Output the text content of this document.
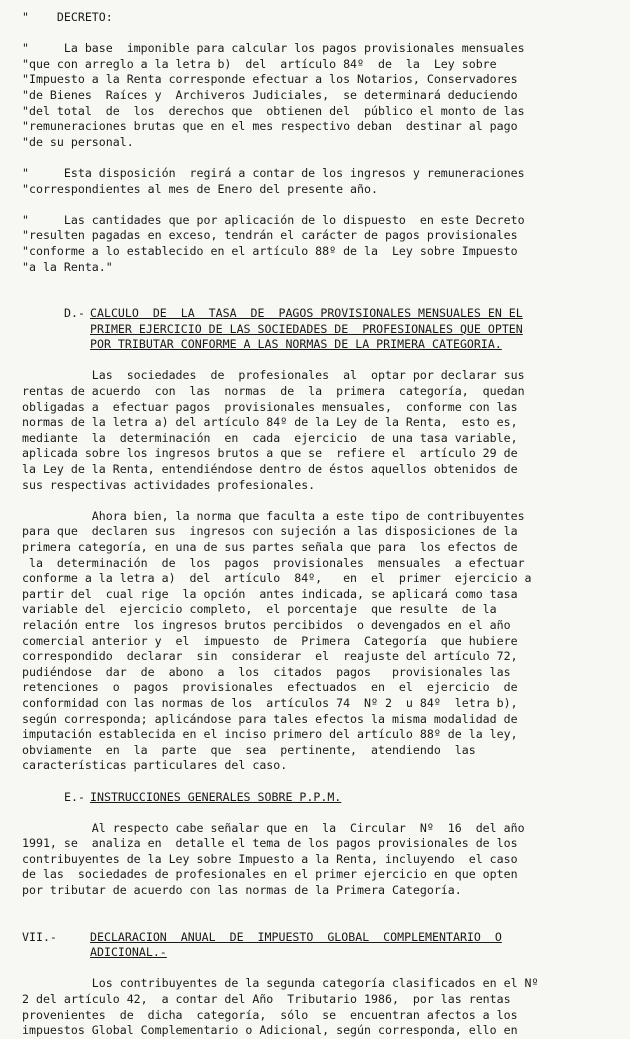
"    DECRETO:
"     La base  imponible para calcular los pagos provisionales mensuales
"que con arreglo a la letra b)  del  artículo 84º  de  la  Ley sobre
"Impuesto a la Renta corresponde efectuar a los Notarios, Conservadores
"de Bienes  Raíces y  Archiveros Judiciales,  se determinará deduciendo
"del total  de  los  derechos que  obtienen del  público el monto de las
"remuneraciones brutas que en el mes respectivo deban  destinar al pago
"de su personal.
"     Esta disposición  regirá a contar de los ingresos y remuneraciones
"correspondientes al mes de Enero del presente año.
"     Las cantidades que por aplicación de lo dispuesto  en este Decreto
"resulten pagadas en exceso, tendrán el carácter de pagos provisionales
"conforme a lo establecido en el artículo 88º de la  Ley sobre Impuesto
"a la Renta."
D.- CALCULO  DE  LA  TASA  DE  PAGOS PROVISIONALES MENSUALES EN EL
PRIMER EJERCICIO DE LAS SOCIEDADES DE  PROFESIONALES QUE OPTEN
POR TRIBUTAR CONFORME A LAS NORMAS DE LA PRIMERA CATEGORIA.
Las  sociedades  de  profesionales  al  optar por declarar sus
rentas de acuerdo  con  las  normas  de  la  primera  categoría,  quedan
obligadas a  efectuar pagos  provisionales mensuales,  conforme con las
normas de la letra a) del artículo 84º de la Ley de la Renta,  esto es,
mediante  la  determinación  en  cada  ejercicio  de una tasa variable,
aplicada sobre los ingresos brutos a que se  refiere el  artículo 29 de
la Ley de la Renta, entendiéndose dentro de éstos aquellos obtenidos de
sus respectivas actividades profesionales.
Ahora bien, la norma que faculta a este tipo de contribuyentes
para que  declaren sus  ingresos con sujeción a las disposiciones de la
primera categoría, en una de sus partes señala que para  los efectos de
la  determinación  de  los  pagos  provisionales  mensuales  a efectuar
conforme a la letra a)  del  artículo  84º,   en  el  primer  ejercicio a
partir del  cual rige  la opción  antes indicada, se aplicará como tasa
variable del  ejercicio completo,  el porcentaje  que resulte  de la
relación entre  los ingresos brutos percibidos  o devengados en el año
comercial anterior y  el  impuesto  de  Primera  Categoría  que hubiere
correspondido  declarar  sin  considerar  el  reajuste del artículo 72,
pudiéndose  dar  de  abono  a  los  citados  pagos   provisionales las
retenciones  o  pagos  provisionales  efectuados  en  el  ejercicio  de
conformidad con las normas de los  artículos 74  Nº 2  u 84º  letra b),
según corresponda; aplicándose para tales efectos la misma modalidad de
imputación establecida en el inciso primero del artículo 88º de la ley,
obviamente  en  la  parte  que  sea  pertinente,  atendiendo  las
características particulares del caso.
E.- INSTRUCCIONES GENERALES SOBRE P.P.M.
Al respecto cabe señalar que en  la  Circular  Nº  16  del año
1991, se  analiza en  detalle el tema de los pagos provisionales de los
contribuyentes de la Ley sobre Impuesto a la Renta, incluyendo  el caso
de las  sociedades de profesionales en el primer ejercicio en que opten
por tributar de acuerdo con las normas de la Primera Categoría.
VII.-	DECLARACION  ANUAL  DE  IMPUESTO  GLOBAL  COMPLEMENTARIO  O
ADICIONAL.-
Los contribuyentes de la segunda categoría clasificados en el Nº
2 del artículo 42,  a contar del Año  Tributario 1986,  por las rentas
provenientes  de  dicha  categoría,  sólo  se  encuentran afectos a los
impuestos Global Complementario o Adicional, según corresponda, ello en
